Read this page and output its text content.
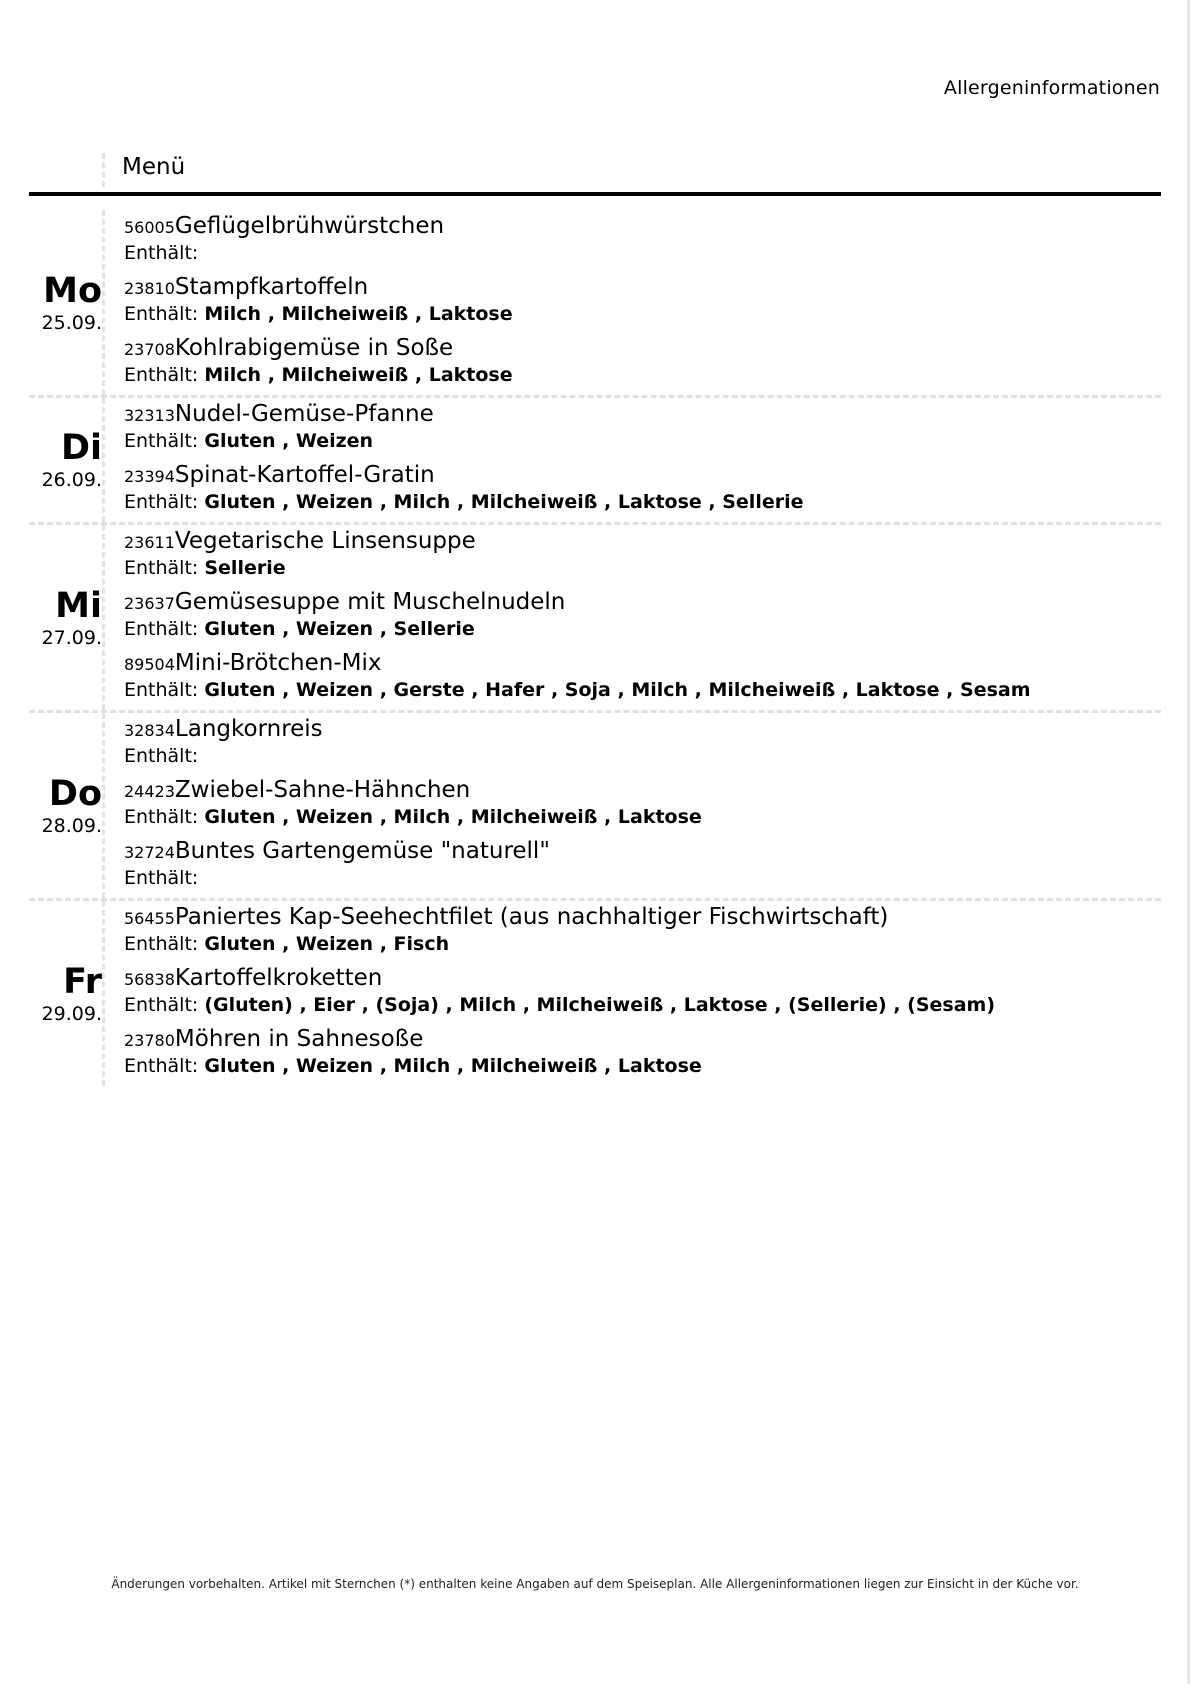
Allergeninformationen
Menü
Mo
25.09.
56005Geflügelbrühwürstchen
Enthält:
23810Stampfkartoffeln
Enthält: Milch , Milcheiweiß , Laktose
23708Kohlrabigemüse in Soße
Enthält: Milch , Milcheiweiß , Laktose
Di
26.09.
32313Nudel-Gemüse-Pfanne
Enthält: Gluten , Weizen
23394Spinat-Kartoffel-Gratin
Enthält: Gluten , Weizen , Milch , Milcheiweiß , Laktose , Sellerie
Mi
27.09.
23611Vegetarische Linsensuppe
Enthält: Sellerie
23637Gemüsesuppe mit Muschelnudeln
Enthält: Gluten , Weizen , Sellerie
89504Mini-Brötchen-Mix
Enthält: Gluten , Weizen , Gerste , Hafer , Soja , Milch , Milcheiweiß , Laktose , Sesam
Do
28.09.
32834Langkornreis
Enthält:
24423Zwiebel-Sahne-Hähnchen
Enthält: Gluten , Weizen , Milch , Milcheiweiß , Laktose
32724Buntes Gartengemüse "naturell"
Enthält:
Fr
29.09.
56455Paniertes Kap-Seehechtfilet (aus nachhaltiger Fischwirtschaft)
Enthält: Gluten , Weizen , Fisch
56838Kartoffelkroketten
Enthält: (Gluten) , Eier , (Soja) , Milch , Milcheiweiß , Laktose , (Sellerie) , (Sesam)
23780Möhren in Sahnesoße
Enthält: Gluten , Weizen , Milch , Milcheiweiß , Laktose
Änderungen vorbehalten. Artikel mit Sternchen (*) enthalten keine Angaben auf dem Speiseplan. Alle Allergeninformationen liegen zur Einsicht in der Küche vor.
